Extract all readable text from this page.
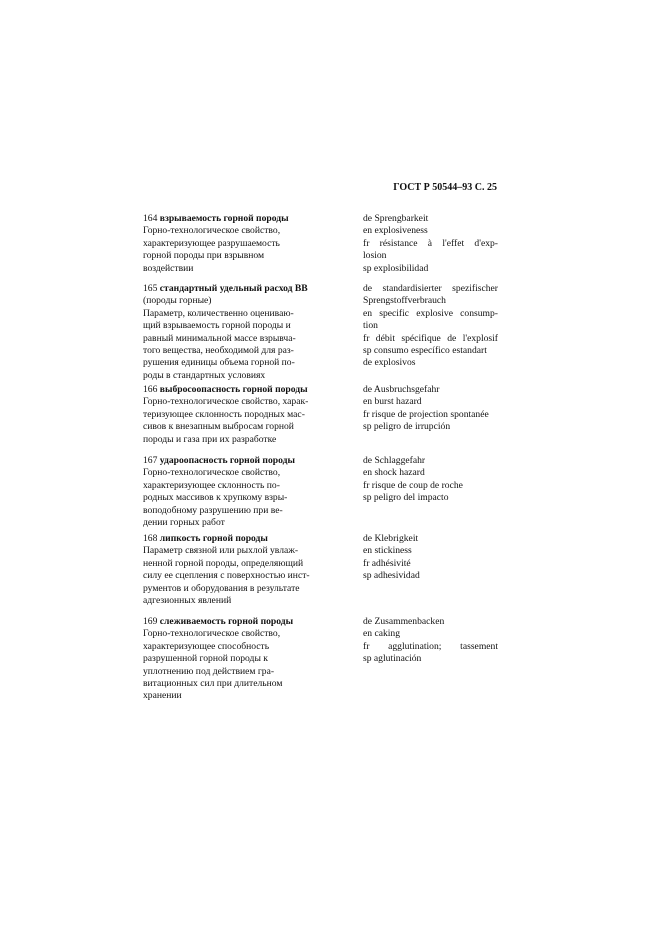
ГОСТ Р 50544–93 С. 25
164 взрываемость горной породы
Горно-технологическое свойство,
характеризующее разрушаемость
горной породы при взрывном
воздействии
de Sprengbarkeit
en explosiveness
fr résistance à l'effet d'exp-
losion
sp explosibilidad
165 стандартный удельный расход ВВ
(породы горные)
Параметр, количественно оцениваю-
щий взрываемость горной породы и
равный минимальной массе взрывча-
того вещества, необходимой для раз-
рушения единицы объема горной по-
роды в стандартных условиях
de standardisierter spezifischer
Sprengstoffverbrauch
en specific explosive consump-
tion
fr débit spécifique de l'explosif
sp consumo específico estandart
de explosivos
166 выбросоопасность горной породы
Горно-технологическое свойство, харак-
теризующее склонность породных мас-
сивов к внезапным выбросам горной
породы и газа при их разработке
de Ausbruchsgefahr
en burst hazard
fr risque de projection spontanée
sp peligro de irrupción
167 удароопасность горной породы
Горно-технологическое свойство,
характеризующее склонность по-
родных массивов к хрупкому взры-
воподобному разрушению при ве-
дении горных работ
de Schlaggefahr
en shock hazard
fr risque de coup de roche
sp peligro del impacto
168 липкость горной породы
Параметр связной или рыхлой увлаж-
ненной горной породы, определяющий
силу ее сцепления с поверхностью инст-
рументов и оборудования в результате
адгезионных явлений
de Klebrigkeit
en stickiness
fr adhésivité
sp adhesividad
169 слеживаемость горной породы
Горно-технологическое свойство,
характеризующее способность
разрушенной горной породы к
уплотнению под действием гра-
витационных сил при длительном
хранении
de Zusammenbacken
en caking
fr agglutination; tassement
sp aglutinación
